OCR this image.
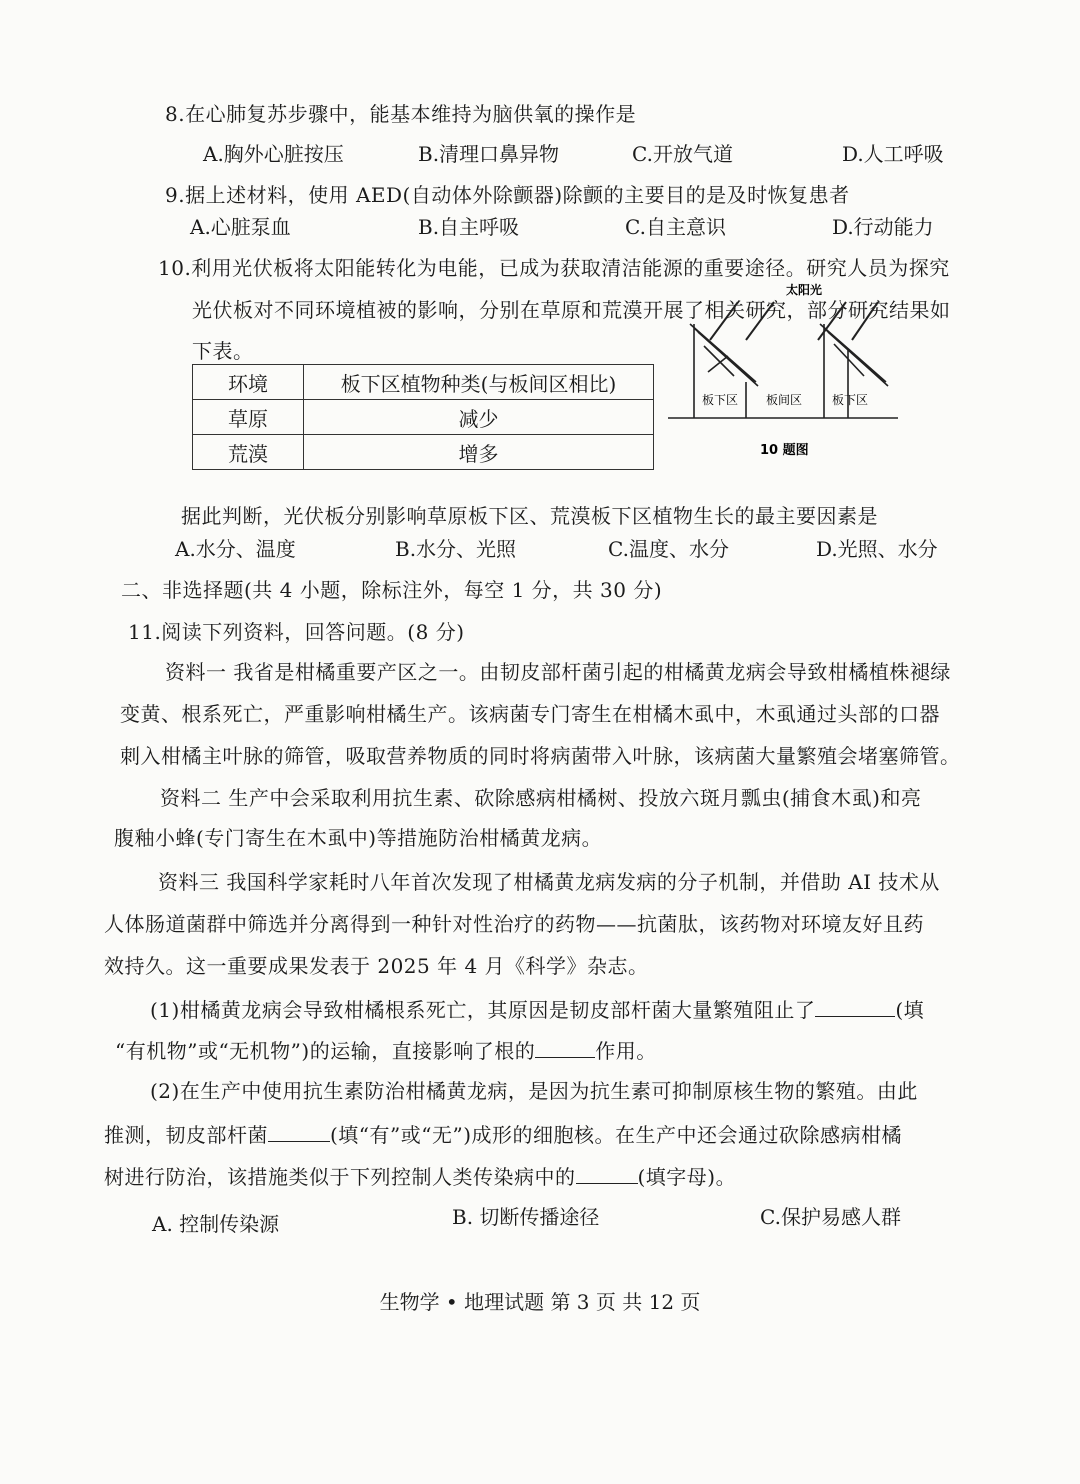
8.在心肺复苏步骤中，能基本维持为脑供氧的操作是
A.胸外心脏按压	B.清理口鼻异物	C.开放气道	D.人工呼吸
9.据上述材料，使用 AED(自动体外除颤器)除颤的主要目的是及时恢复患者
A.心脏泵血	B.自主呼吸	C.自主意识	D.行动能力
10.利用光伏板将太阳能转化为电能，已成为获取清洁能源的重要途径。研究人员为探究
光伏板对不同环境植被的影响，分别在草原和荒漠开展了相关研究，部分研究结果如
下表。
环境	板下区植物种类(与板间区相比)
草原	减少
荒漠	增多
太阳光
板下区 板间区 板下区
10 题图
据此判断，光伏板分别影响草原板下区、荒漠板下区植物生长的最主要因素是
A.水分、温度	B.水分、光照	C.温度、水分	D.光照、水分
二、非选择题(共 4 小题，除标注外，每空 1 分，共 30 分)
11.阅读下列资料，回答问题。(8 分)
资料一 我省是柑橘重要产区之一。由韧皮部杆菌引起的柑橘黄龙病会导致柑橘植株褪绿
变黄、根系死亡，严重影响柑橘生产。该病菌专门寄生在柑橘木虱中，木虱通过头部的口器
刺入柑橘主叶脉的筛管，吸取营养物质的同时将病菌带入叶脉，该病菌大量繁殖会堵塞筛管。
资料二 生产中会采取利用抗生素、砍除感病柑橘树、投放六斑月瓢虫(捕食木虱)和亮
腹釉小蜂(专门寄生在木虱中)等措施防治柑橘黄龙病。
资料三 我国科学家耗时八年首次发现了柑橘黄龙病发病的分子机制，并借助 AI 技术从
人体肠道菌群中筛选并分离得到一种针对性治疗的药物——抗菌肽，该药物对环境友好且药
效持久。这一重要成果发表于 2025 年 4 月《科学》杂志。
(1)柑橘黄龙病会导致柑橘根系死亡，其原因是韧皮部杆菌大量繁殖阻止了	(填
“有机物”或“无机物”)的运输，直接影响了根的	作用。
(2)在生产中使用抗生素防治柑橘黄龙病，是因为抗生素可抑制原核生物的繁殖。由此
推测，韧皮部杆菌	(填“有”或“无”)成形的细胞核。在生产中还会通过砍除感病柑橘
树进行防治，该措施类似于下列控制人类传染病中的	(填字母)。
A. 控制传染源	B. 切断传播途径	C.保护易感人群
生物学 • 地理试题 第 3 页 共 12 页
